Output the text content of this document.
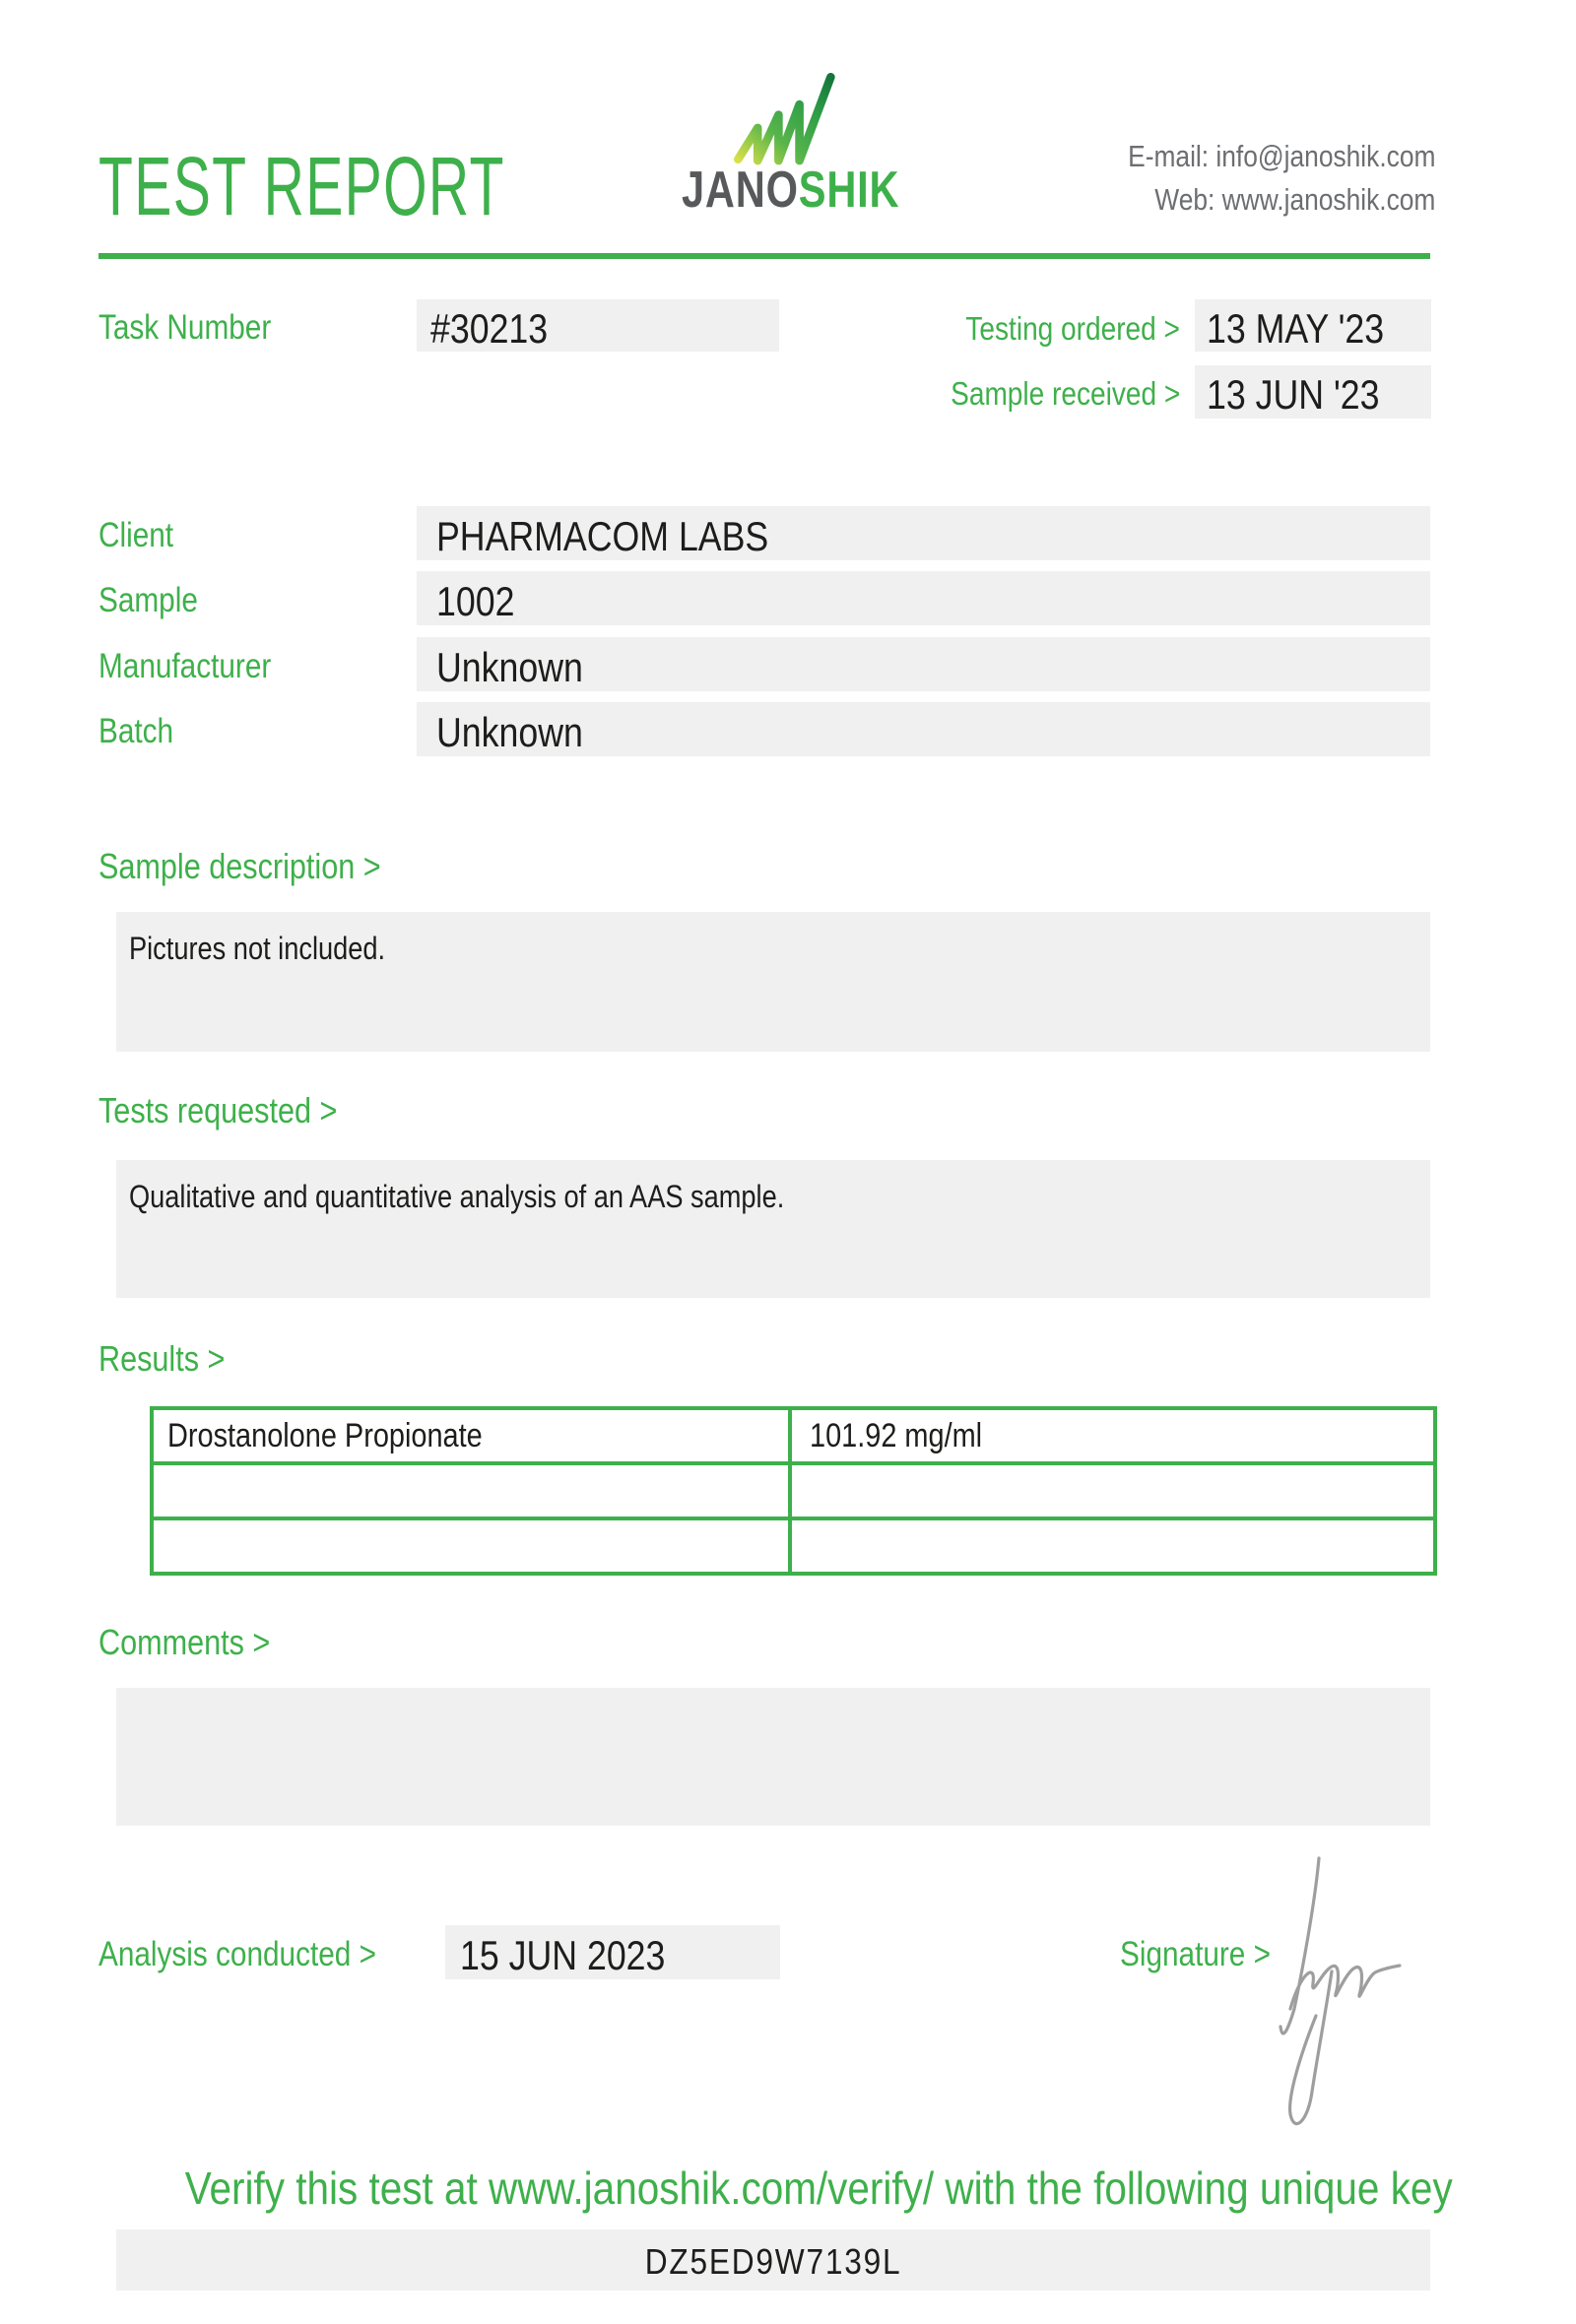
TEST REPORT	JANOSHIK
E-mail: info@janoshik.com
Web: www.janoshik.com
Task Number	#30213	Testing ordered > 13 MAY '23
Sample received > 13 JUN '23
Client	PHARMACOM LABS
Sample	1002
Manufacturer	Unknown
Batch	Unknown
Sample description >
Pictures not included.
Tests requested >
Qualitative and quantitative analysis of an AAS sample.
Results >
Drostanolone Propionate	101.92 mg/ml

Comments >
Analysis conducted >	15 JUN 2023	Signature >
Verify this test at www.janoshik.com/verify/ with the following unique key
DZ5ED9W7139L
